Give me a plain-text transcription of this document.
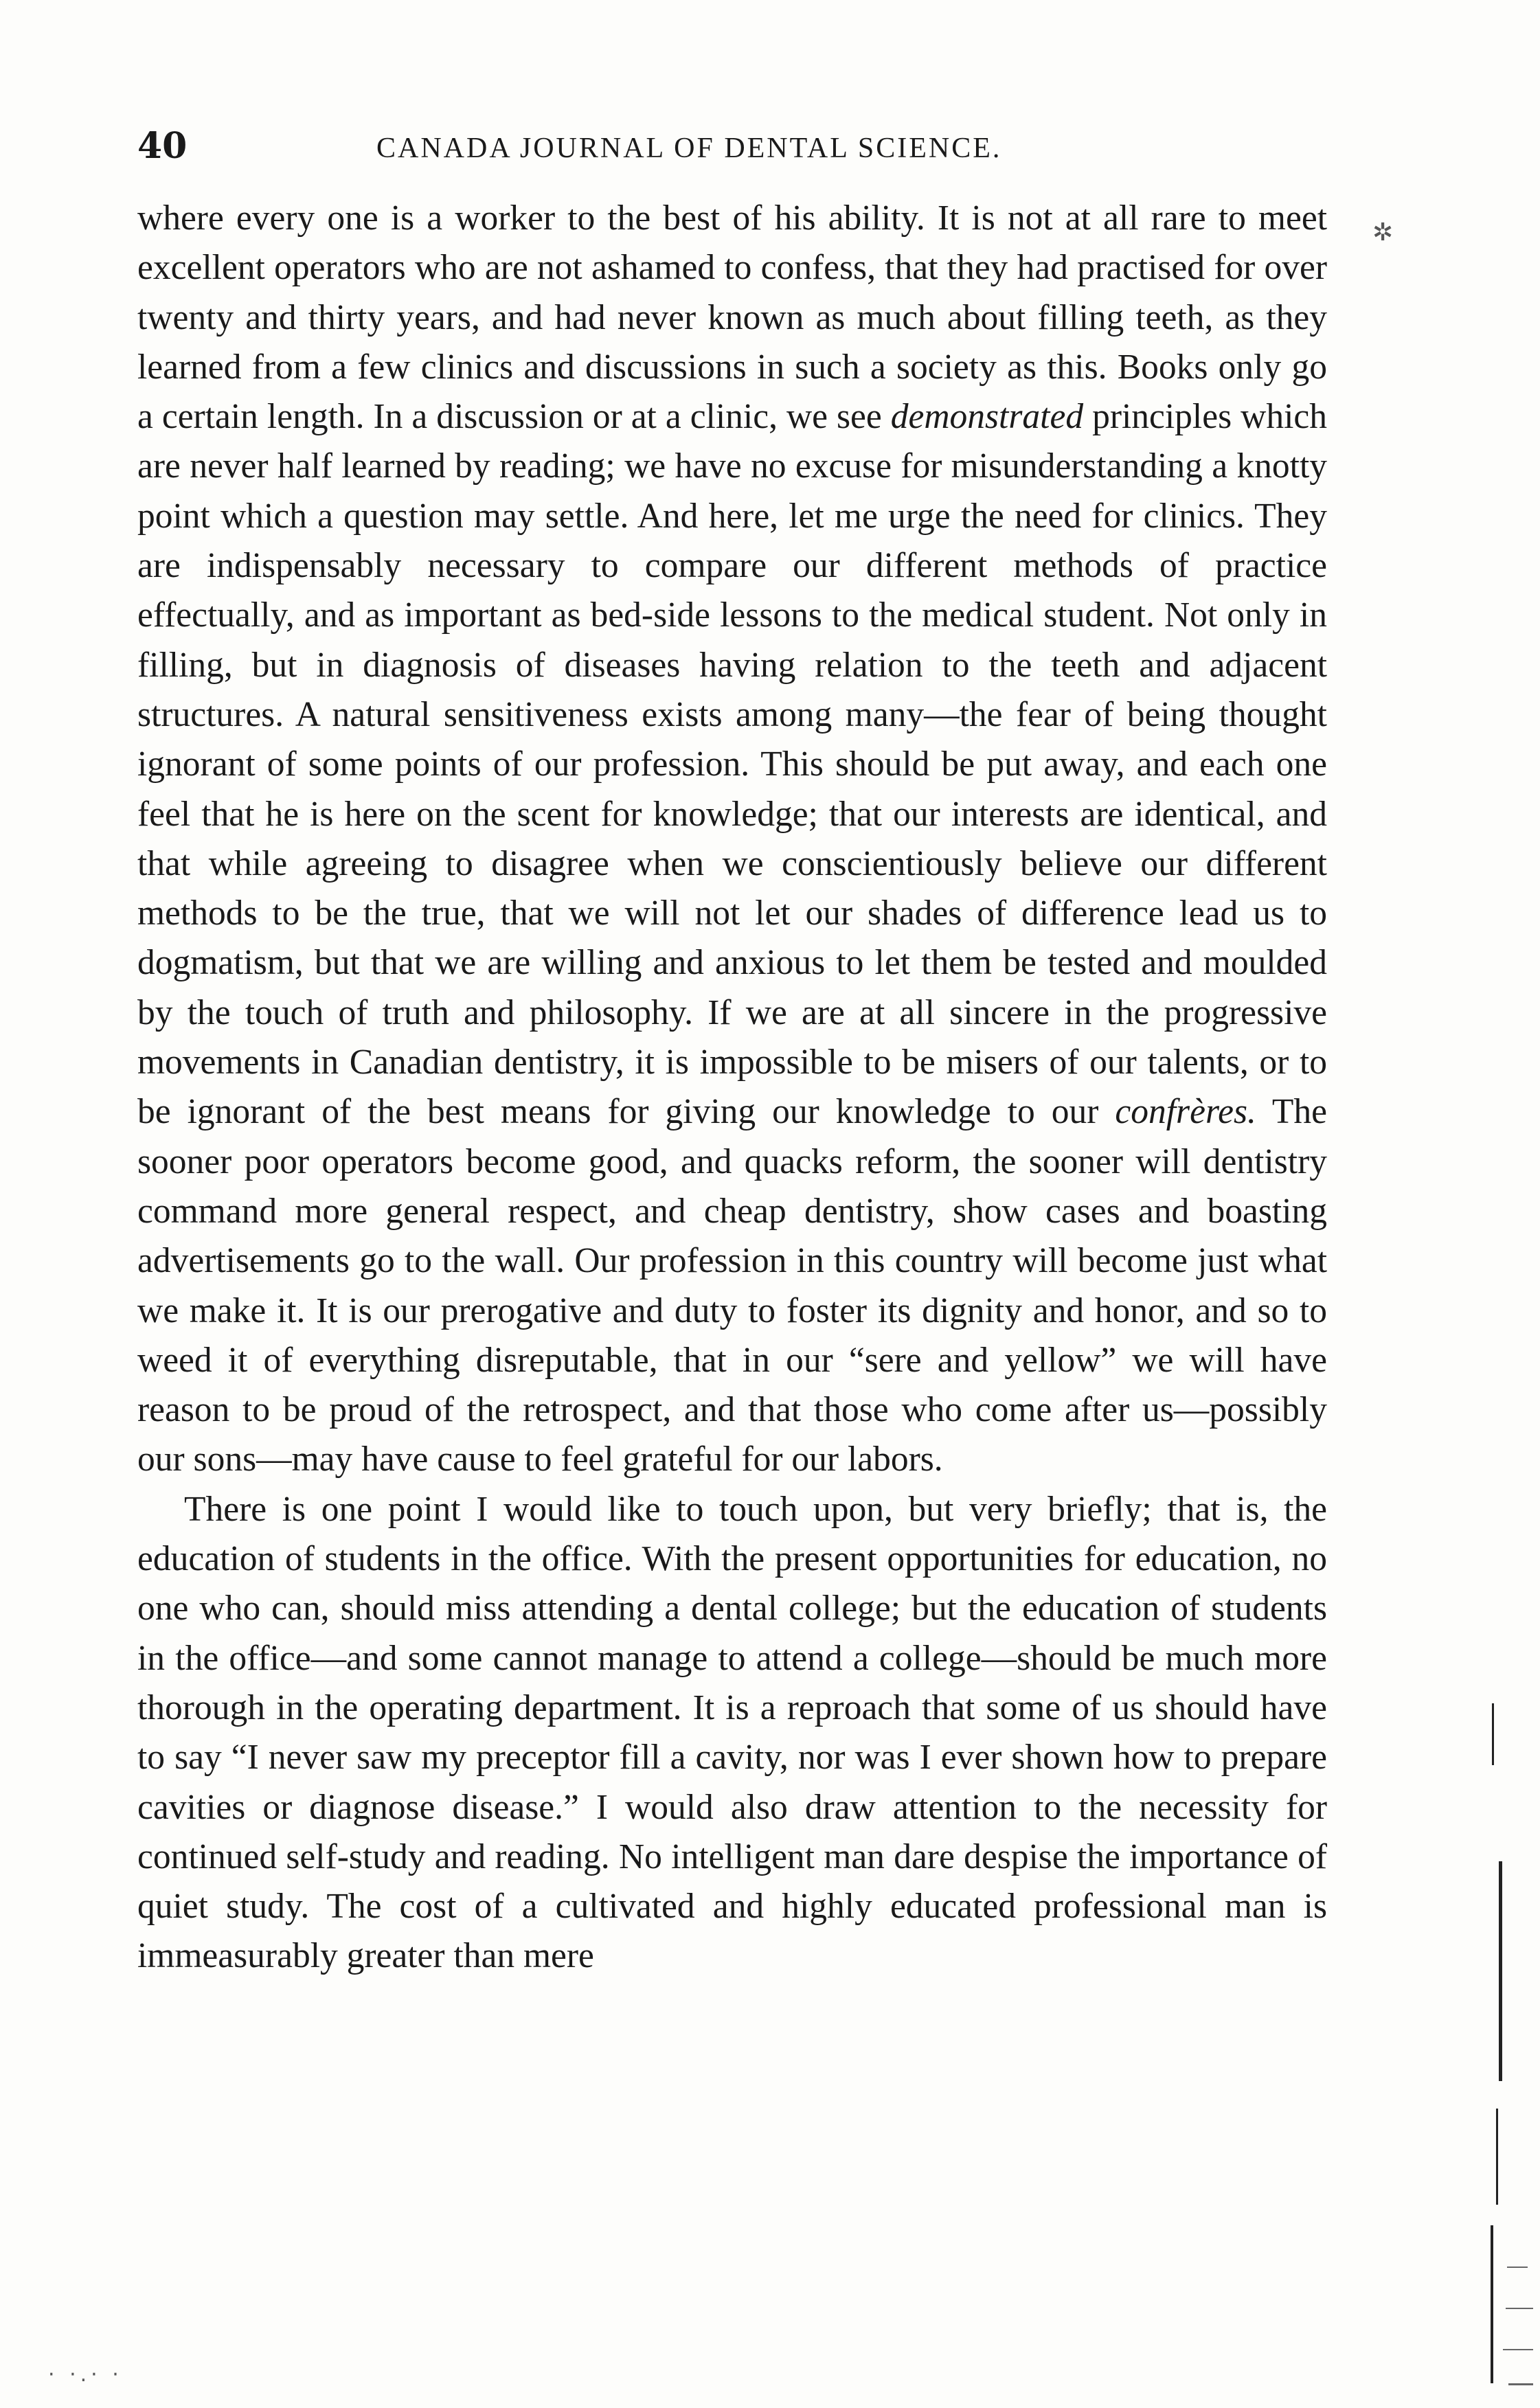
40	CANADA JOURNAL OF DENTAL SCIENCE.

where every one is a worker to the best of his ability. It is not at all rare to meet excellent operators who are not ashamed to confess, that they had practised for over twenty and thirty years, and had never known as much about filling teeth, as they learned from a few clinics and discussions in such a society as this. Books only go a certain length. In a discussion or at a clinic, we see demonstrated principles which are never half learned by reading; we have no excuse for misunderstanding a knotty point which a question may settle. And here, let me urge the need for clinics. They are indispensably necessary to compare our different methods of practice effectually, and as important as bed-side lessons to the medical student. Not only in filling, but in diagnosis of diseases having relation to the teeth and adjacent structures. A natural sensitiveness exists among many—the fear of being thought ignorant of some points of our profession. This should be put away, and each one feel that he is here on the scent for knowledge; that our interests are identical, and that while agreeing to disagree when we conscientiously believe our different methods to be the true, that we will not let our shades of difference lead us to dogmatism, but that we are willing and anxious to let them be tested and moulded by the touch of truth and philosophy. If we are at all sincere in the progressive movements in Canadian dentistry, it is impossible to be misers of our talents, or to be ignorant of the best means for giving our knowledge to our confrères. The sooner poor operators become good, and quacks reform, the sooner will dentistry command more general respect, and cheap dentistry, show cases and boasting advertisements go to the wall. Our profession in this country will become just what we make it. It is our prerogative and duty to foster its dignity and honor, and so to weed it of everything disreputable, that in our “sere and yellow” we will have reason to be proud of the retrospect, and that those who come after us—possibly our sons—may have cause to feel grateful for our labors.

There is one point I would like to touch upon, but very briefly; that is, the education of students in the office. With the present opportunities for education, no one who can, should miss attending a dental college; but the education of students in the office—and some cannot manage to attend a college—should be much more thorough in the operating department. It is a reproach that some of us should have to say “I never saw my preceptor fill a cavity, nor was I ever shown how to prepare cavities or diagnose disease.” I would also draw attention to the necessity for continued self-study and reading. No intelligent man dare despise the importance of quiet study. The cost of a cultivated and highly educated professional man is immeasurably greater than mere

✲
· ·.· ·
